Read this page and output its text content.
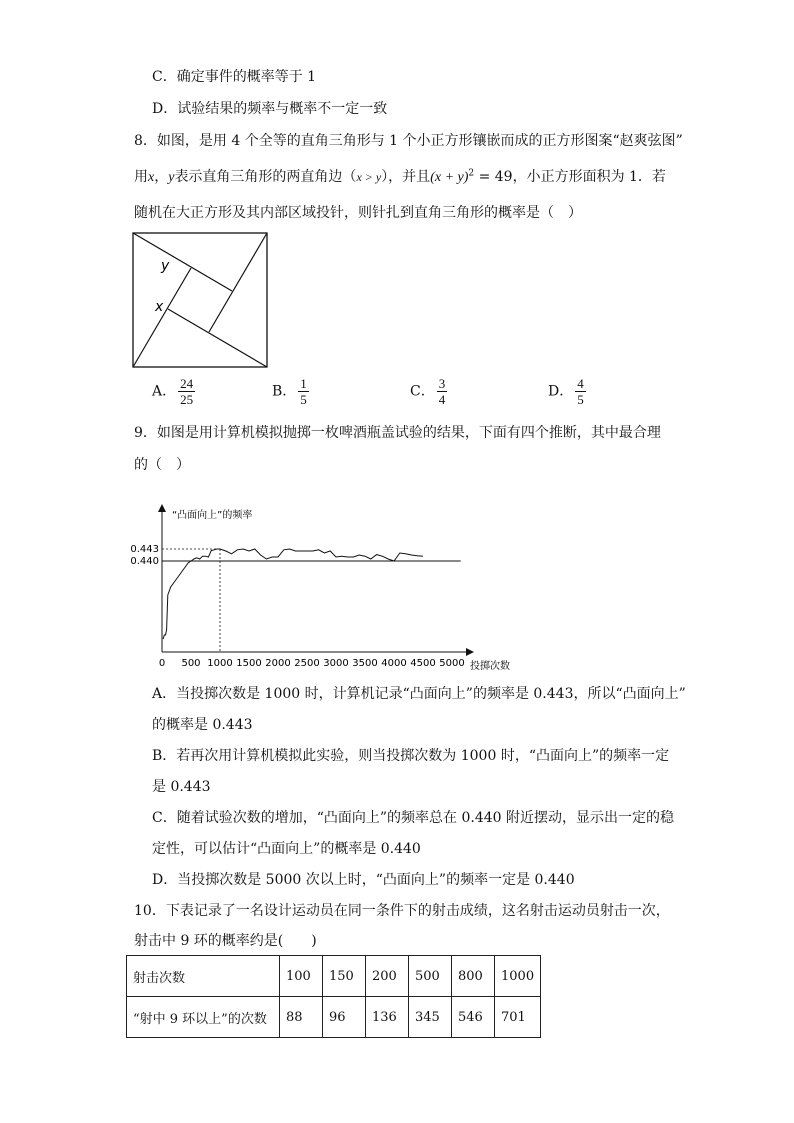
C．确定事件的概率等于 1
D．试验结果的频率与概率不一定一致
8．如图，是用 4 个全等的直角三角形与 1 个小正方形镶嵌而成的正方形图案“赵爽弦图”
用x，y表示直角三角形的两直角边（x > y），并且$(x + y)^2 = 49$，小正方形面积为 1．若
随机在大正方形及其内部区域投针，则针扎到直角三角形的概率是（　）
y
x
A． $\frac{24}{25}$	B． $\frac{1}{5}$	C． $\frac{3}{4}$	D． $\frac{4}{5}$
9．如图是用计算机模拟抛掷一枚啤酒瓶盖试验的结果，下面有四个推断，其中最合理
的（　）
“凸面向上”的频率
投掷次数
0 500 1000 1500 2000 2500 3000 3500 4000 4500 5000
0.440
0.443
A．当投掷次数是 1000 时，计算机记录“凸面向上”的频率是 0.443，所以“凸面向上”
的概率是 0.443
B．若再次用计算机模拟此实验，则当投掷次数为 1000 时，“凸面向上”的频率一定
是 0.443
C．随着试验次数的增加，“凸面向上”的频率总在 0.440 附近摆动，显示出一定的稳
定性，可以估计“凸面向上”的概率是 0.440
D．当投掷次数是 5000 次以上时，“凸面向上”的频率一定是 0.440
10．下表记录了一名设计运动员在同一条件下的射击成绩，这名射击运动员射击一次，
射击中 9 环的概率约是(　　)
射击次数	100	150	200	500	800	1000
“射中 9 环以上”的次数	88	96	136	345	546	701
